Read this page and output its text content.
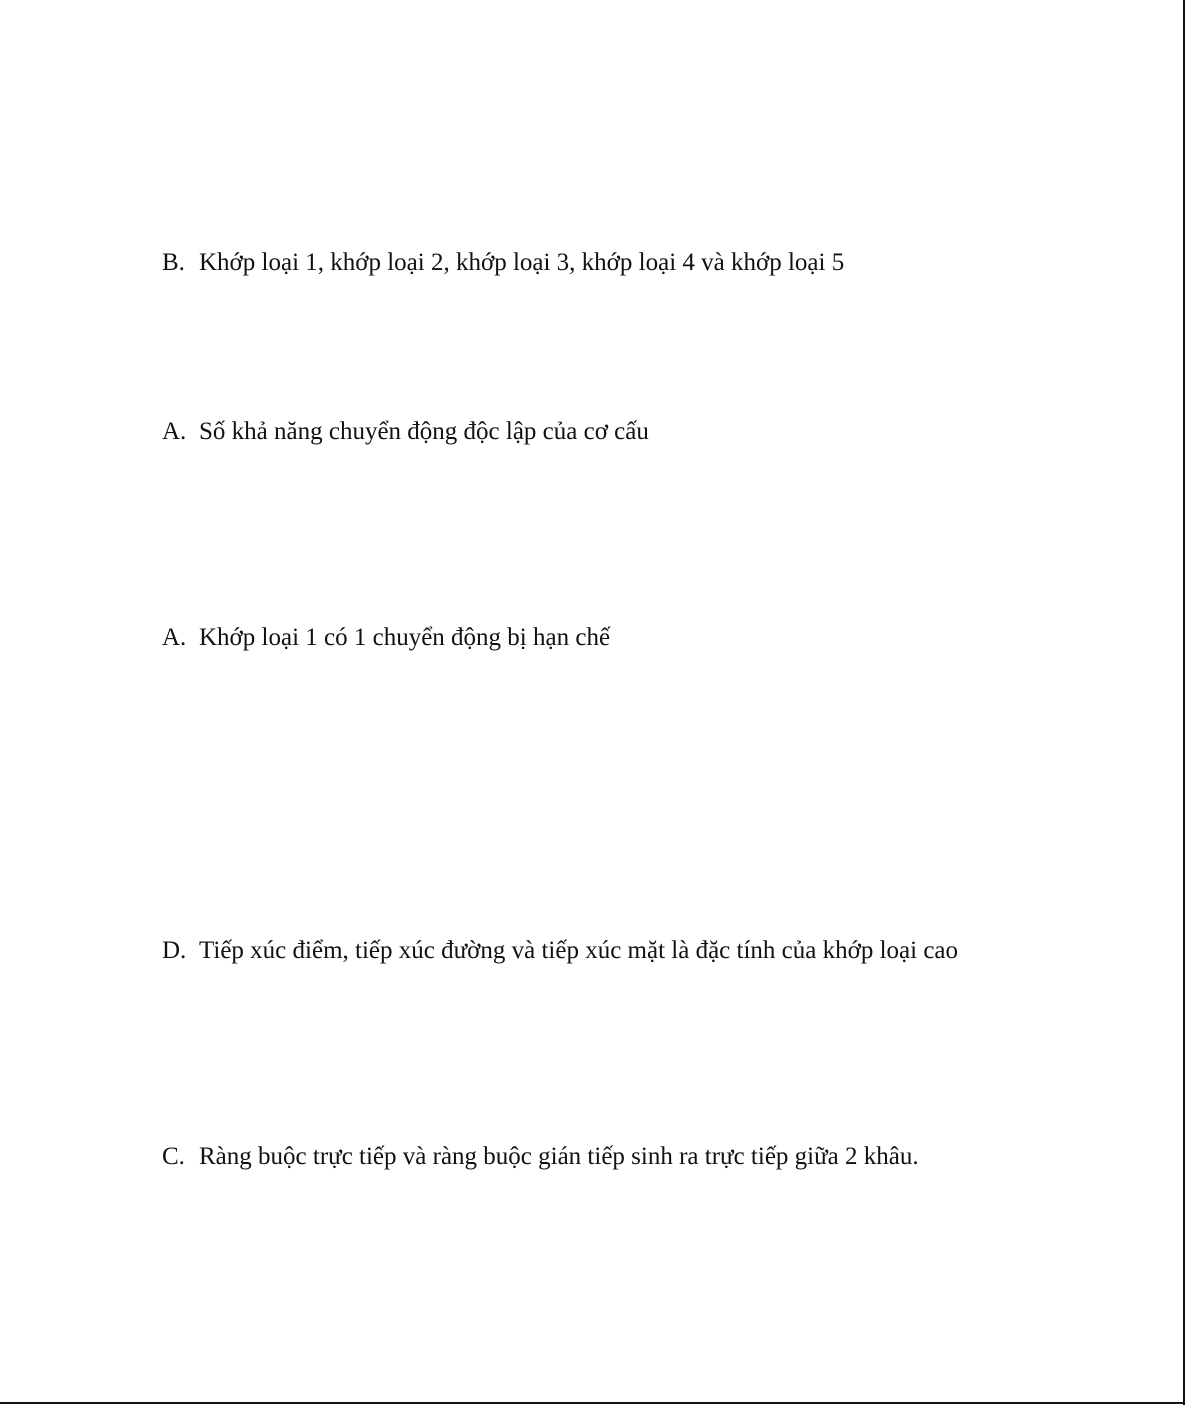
B. Khớp loại 1, khớp loại 2, khớp loại 3, khớp loại 4 và khớp loại 5
A. Số khả năng chuyển động độc lập của cơ cấu
A. Khớp loại 1 có 1 chuyển động bị hạn chế
D. Tiếp xúc điểm, tiếp xúc đường và tiếp xúc mặt là đặc tính của khớp loại cao
C. Ràng buộc trực tiếp và ràng buộc gián tiếp sinh ra trực tiếp giữa 2 khâu.
